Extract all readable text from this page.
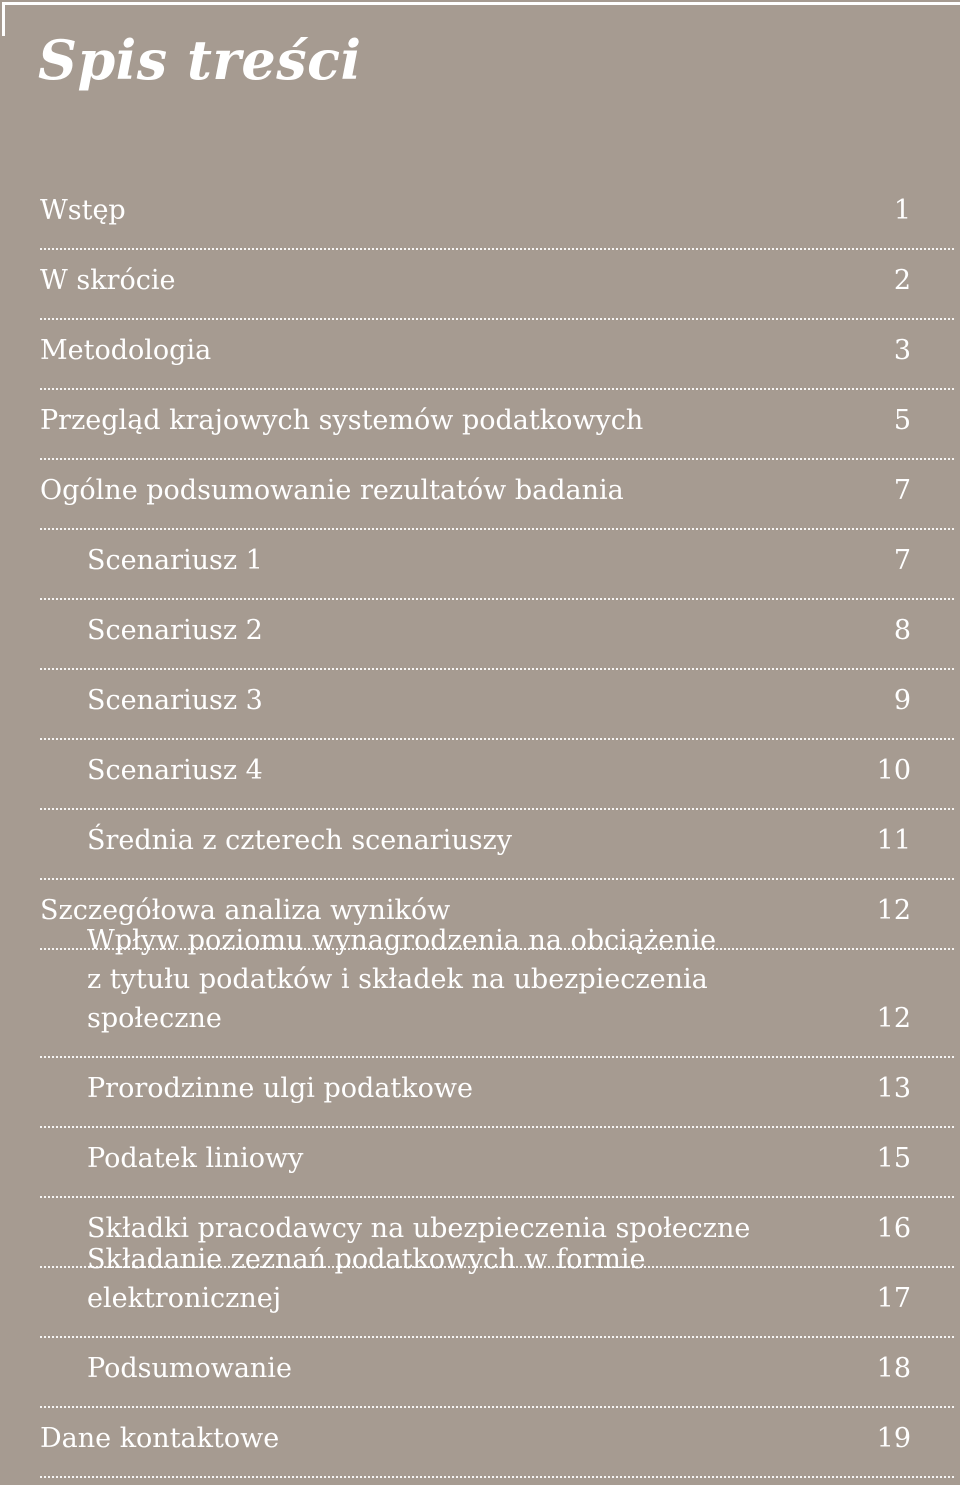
Spis treści
Wstęp	1
W skrócie	2
Metodologia	3
Przegląd krajowych systemów podatkowych	5
Ogólne podsumowanie rezultatów badania	7
Scenariusz 1	7
Scenariusz 2	8
Scenariusz 3	9
Scenariusz 4	10
Średnia z czterech scenariuszy	11
Szczegółowa analiza wyników	12
Wpływ poziomu wynagrodzenia na obciążenie
z tytułu podatków i składek na ubezpieczenia społeczne	12
Prorodzinne ulgi podatkowe	13
Podatek liniowy	15
Składki pracodawcy na ubezpieczenia społeczne	16
Składanie zeznań podatkowych w formie elektronicznej	17
Podsumowanie	18
Dane kontaktowe	19
